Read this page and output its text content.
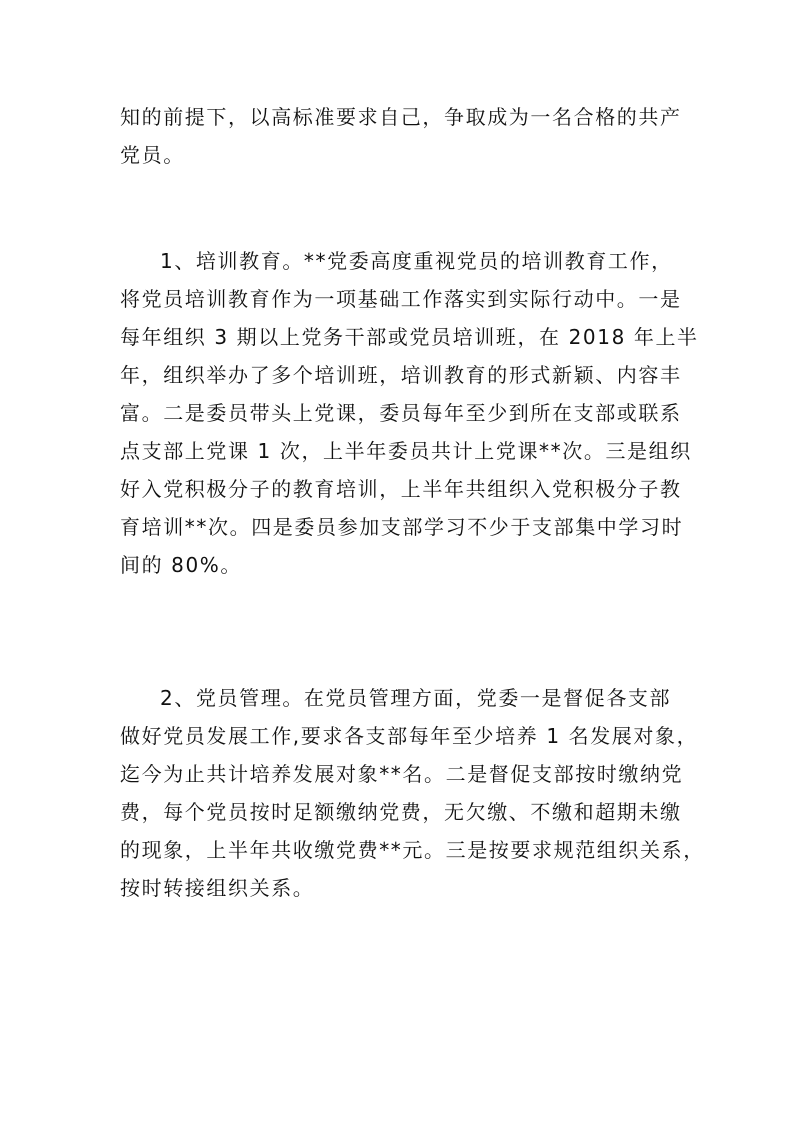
知的前提下，以高标准要求自己，争取成为一名合格的共产
党员。
1、培训教育。**党委高度重视党员的培训教育工作，
将党员培训教育作为一项基础工作落实到实际行动中。一是
每年组织 3 期以上党务干部或党员培训班，在 2018 年上半
年，组织举办了多个培训班，培训教育的形式新颖、内容丰
富。二是委员带头上党课，委员每年至少到所在支部或联系
点支部上党课 1 次，上半年委员共计上党课**次。三是组织
好入党积极分子的教育培训，上半年共组织入党积极分子教
育培训**次。四是委员参加支部学习不少于支部集中学习时
间的 80%。
2、党员管理。在党员管理方面，党委一是督促各支部
做好党员发展工作,要求各支部每年至少培养 1 名发展对象，
迄今为止共计培养发展对象**名。二是督促支部按时缴纳党
费，每个党员按时足额缴纳党费，无欠缴、不缴和超期未缴
的现象，上半年共收缴党费**元。三是按要求规范组织关系，
按时转接组织关系。
